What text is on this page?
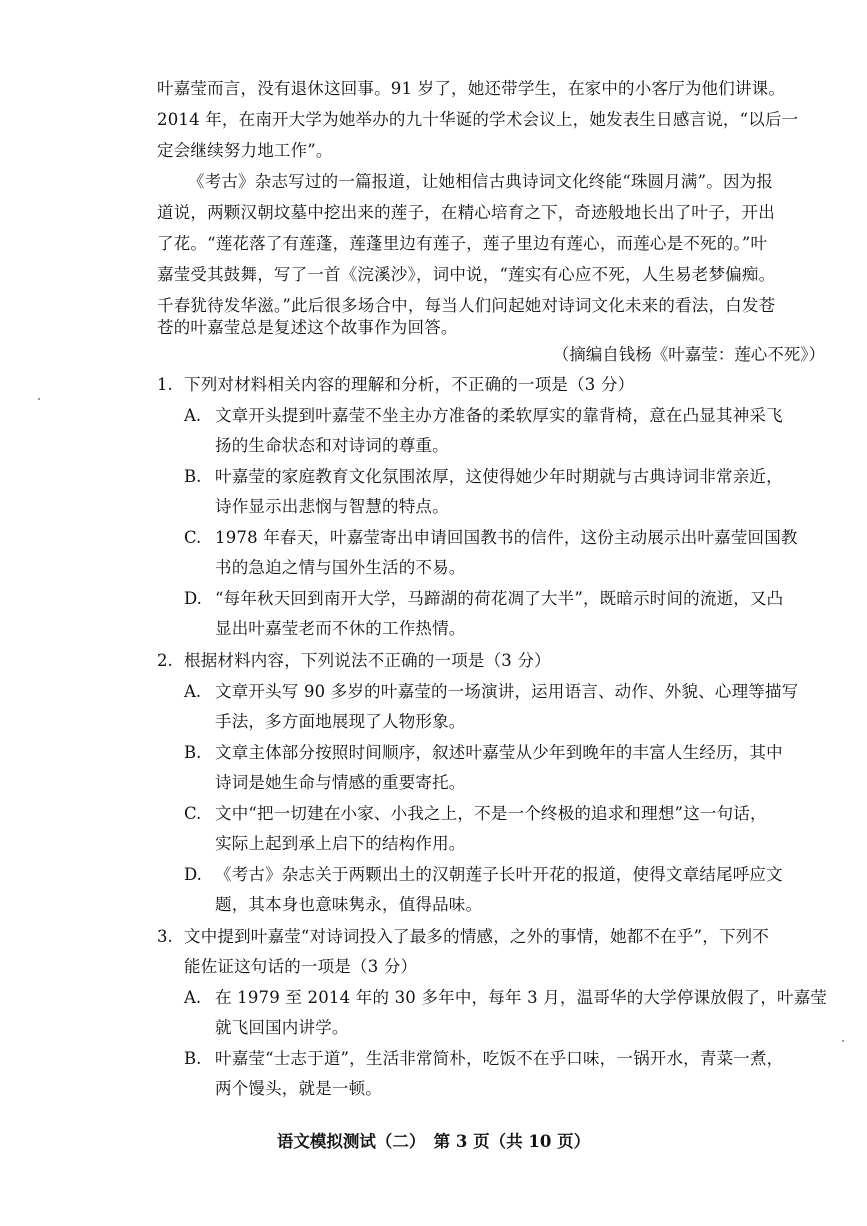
叶嘉莹而言，没有退休这回事。91 岁了，她还带学生，在家中的小客厅为他们讲课。
2014 年，在南开大学为她举办的九十华诞的学术会议上，她发表生日感言说，“以后一
定会继续努力地工作”。
《考古》杂志写过的一篇报道，让她相信古典诗词文化终能“珠圆月满”。因为报
道说，两颗汉朝坟墓中挖出来的莲子，在精心培育之下，奇迹般地长出了叶子，开出
了花。“莲花落了有莲蓬，莲蓬里边有莲子，莲子里边有莲心，而莲心是不死的。”叶
嘉莹受其鼓舞，写了一首《浣溪沙》，词中说，“莲实有心应不死，人生易老梦偏痴。
千春犹待发华滋。”此后很多场合中，每当人们问起她对诗词文化未来的看法，白发苍
苍的叶嘉莹总是复述这个故事作为回答。
（摘编自钱杨《叶嘉莹：莲心不死》）
1. 下列对材料相关内容的理解和分析，不正确的一项是（3 分）
A. 文章开头提到叶嘉莹不坐主办方准备的柔软厚实的靠背椅，意在凸显其神采飞
扬的生命状态和对诗词的尊重。
B. 叶嘉莹的家庭教育文化氛围浓厚，这使得她少年时期就与古典诗词非常亲近，
诗作显示出悲悯与智慧的特点。
C. 1978 年春天，叶嘉莹寄出申请回国教书的信件，这份主动展示出叶嘉莹回国教
书的急迫之情与国外生活的不易。
D. “每年秋天回到南开大学，马蹄湖的荷花凋了大半”，既暗示时间的流逝，又凸
显出叶嘉莹老而不休的工作热情。
2. 根据材料内容，下列说法不正确的一项是（3 分）
A. 文章开头写 90 多岁的叶嘉莹的一场演讲，运用语言、动作、外貌、心理等描写
手法，多方面地展现了人物形象。
B. 文章主体部分按照时间顺序，叙述叶嘉莹从少年到晚年的丰富人生经历，其中
诗词是她生命与情感的重要寄托。
C. 文中“把一切建在小家、小我之上，不是一个终极的追求和理想”这一句话，
实际上起到承上启下的结构作用。
D. 《考古》杂志关于两颗出土的汉朝莲子长叶开花的报道，使得文章结尾呼应文
题，其本身也意味隽永，值得品味。
3. 文中提到叶嘉莹“对诗词投入了最多的情感，之外的事情，她都不在乎”，下列不
能佐证这句话的一项是（3 分）
A. 在 1979 至 2014 年的 30 多年中，每年 3 月，温哥华的大学停课放假了，叶嘉莹
就飞回国内讲学。
B. 叶嘉莹“士志于道”，生活非常简朴，吃饭不在乎口味，一锅开水，青菜一煮，
两个馒头，就是一顿。
语文模拟测试（二）　第 3 页（共 10 页）
